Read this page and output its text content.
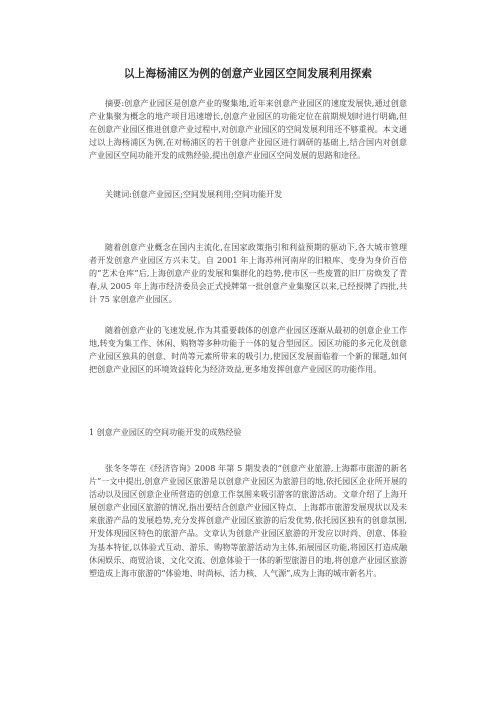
以上海杨浦区为例的创意产业园区空间发展利用探索

摘要:创意产业园区是创意产业的聚集地,近年来创意产业园区的速度发展快,通过创意产业集聚为概念的地产项目迅速增长,创意产业园区的功能定位在前期规划时进行明确,但在创意产业园区推进创意产业过程中,对创意产业园区的空间发展利用还不够重视。本文通过以上海杨浦区为例,在对杨浦区的若干创意产业园区进行调研的基础上,结合国内对创意产业园区空间功能开发的成熟经验,提出创意产业园区空间发展的思路和途径。

关键词:创意产业园区;空间发展利用;空间功能开发

随着创意产业概念在国内主流化,在国家政策指引和利益预期的驱动下,各大城市管理者开发创意产业园区方兴未艾。自 2001 年上海苏州河南岸的旧粮库、变身为身价百倍的“艺术仓库”后,上海创意产业的发展和集群化的趋势,使市区一些废置的旧厂房焕发了青春,从 2005 年上海市经济委员会正式授牌第一批创意产业集聚区以来,已经授牌了四批,共计 75 家创意产业园区。

随着创意产业的飞速发展,作为其重要载体的创意产业园区逐渐从最初的创意企业工作地,转变为集工作、休闲、购物等多种功能于一体的复合型园区。园区功能的多元化及创意产业园区独具的创意、时尚等元素所带来的吸引力,使园区发展面临着一个新的课题,如何把创意产业园区的环境效益转化为经济效益,更多地发挥创意产业园区的功能作用。

1 创意产业园区的空间功能开发的成熟经验

张冬冬等在《经济咨询》2008 年第 5 期发表的“创意产业旅游,上海都市旅游的新名片”一文中提出,创意产业园区旅游是以创意产业园区为旅游目的地,依托园区企业所开展的活动以及园区创意企业所营造的创意工作氛围来吸引游客的旅游活动。文章介绍了上海开展创意产业园区旅游的情况,指出要结合创意产业园区特点、上海都市旅游发展现状以及未来旅游产品的发展趋势,充分发挥创意产业园区旅游的后发优势,依托园区独有的创意氛围,开发体现园区特色的旅游产品。文章认为创意产业园区旅游的开发应以时尚、创意、体验为基本特征,以体验式互动、游乐、购物等旅游活动为主体,拓展园区功能,将园区打造成融休闲娱乐、商贸洽谈、文化交流、创意体验于一体的新型旅游目的地,将创意产业园区旅游塑造成上海市旅游的“体验地、时尚标、活力核、人气源”,成为上海的城市新名片。
